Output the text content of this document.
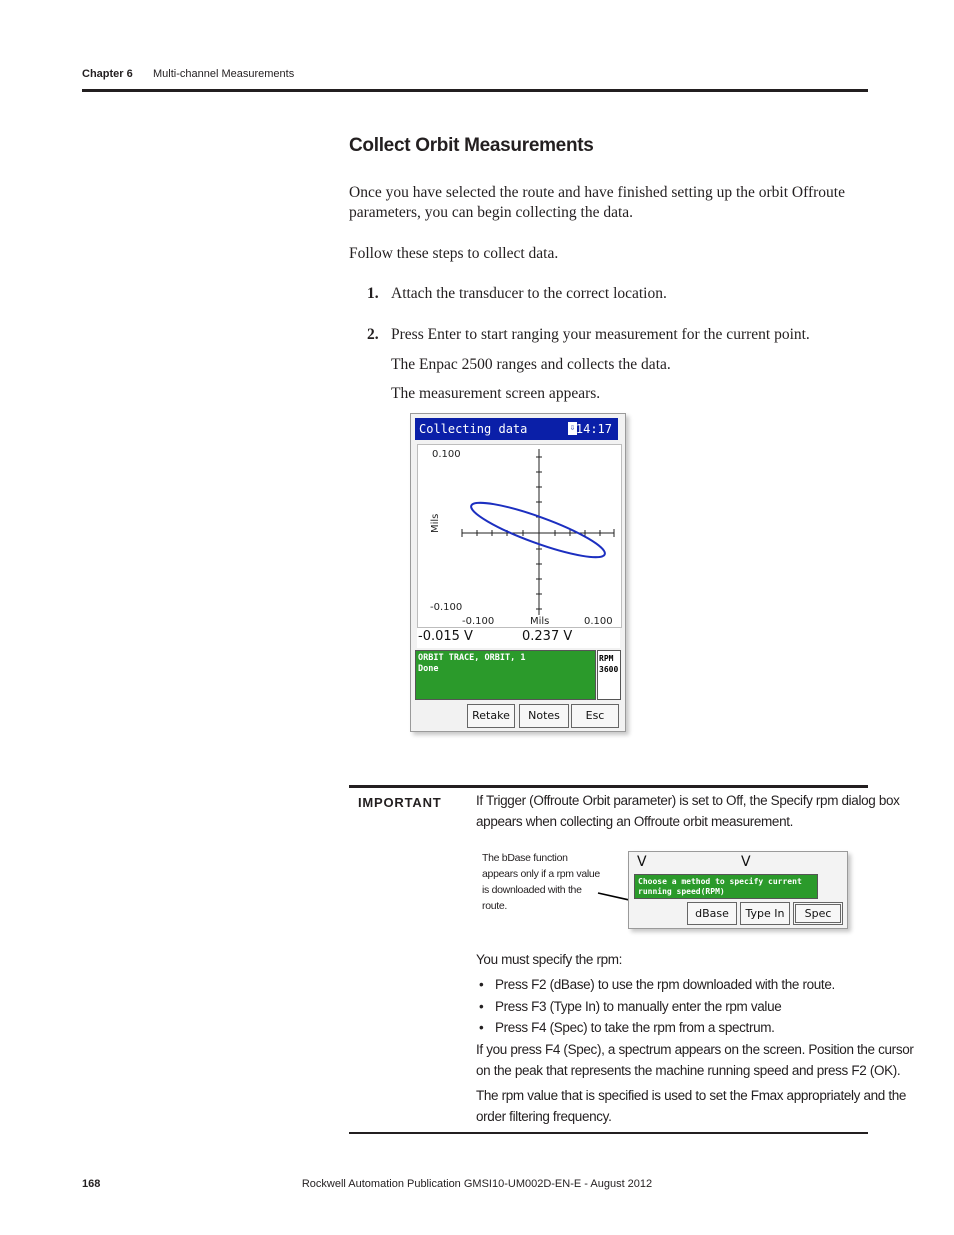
Chapter 6 Multi-channel Measurements
Collect Orbit Measurements
Once you have selected the route and have finished setting up the orbit Offroute
parameters, you can begin collecting the data.
Follow these steps to collect data.
1. Attach the transducer to the correct location.
2. Press Enter to start ranging your measurement for the current point.
The Enpac 2500 ranges and collects the data.
The measurement screen appears.
Collecting data	⇩ 14:17
0.100
-0.100
-0.100	Mils	0.100
Mils
-0.015 V	0.237 V
ORBIT TRACE, ORBIT, 1
Done
RPM
3600
Retake	Notes	Esc
IMPORTANT	If Trigger (Offroute Orbit parameter) is set to Off, the Specify rpm dialog box
appears when collecting an Offroute orbit measurement.
The bDase function
appears only if a rpm value
is downloaded with the
route.
V	V
Choose a method to specify current
running speed(RPM)
dBase	Type In	Spec
You must specify the rpm:
• Press F2 (dBase) to use the rpm downloaded with the route.
• Press F3 (Type In) to manually enter the rpm value
• Press F4 (Spec) to take the rpm from a spectrum.
If you press F4 (Spec), a spectrum appears on the screen. Position the cursor
on the peak that represents the machine running speed and press F2 (OK).
The rpm value that is specified is used to set the Fmax appropriately and the
order filtering frequency.
168	Rockwell Automation Publication GMSI10-UM002D-EN-E - August 2012
